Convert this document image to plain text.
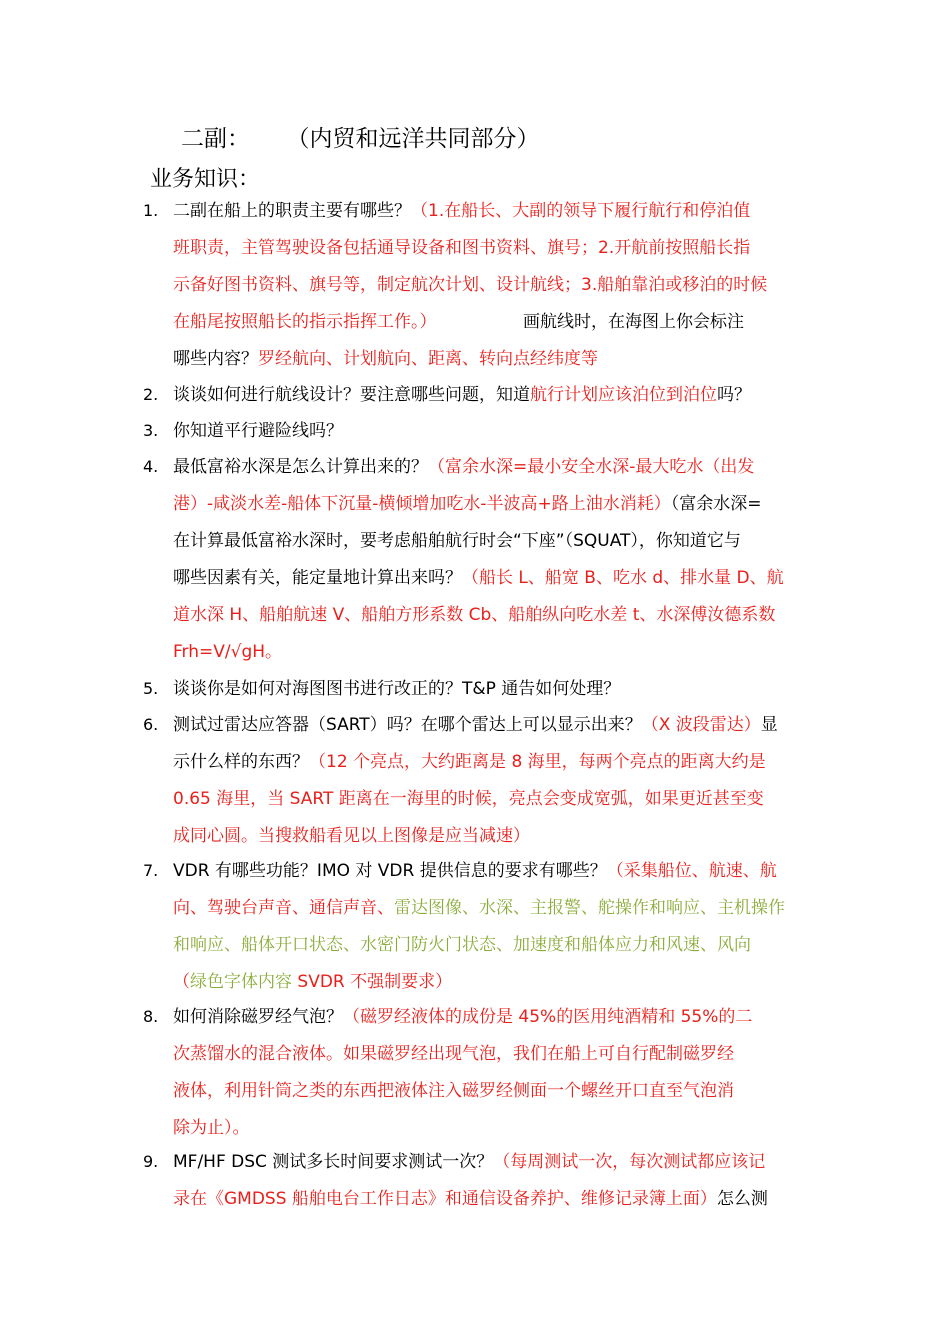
二副：     （内贸和远洋共同部分）
业务知识：
1. 二副在船上的职责主要有哪些？（1.在船长、大副的领导下履行航行和停泊值
班职责，主管驾驶设备包括通导设备和图书资料、旗号；2.开航前按照船长指
示备好图书资料、旗号等，制定航次计划、设计航线；3.船舶靠泊或移泊的时候
在船尾按照船长的指示指挥工作。）                画航线时，在海图上你会标注
哪些内容？罗经航向、计划航向、距离、转向点经纬度等
2. 谈谈如何进行航线设计？要注意哪些问题，知道航行计划应该泊位到泊位吗？
3. 你知道平行避险线吗？
4. 最低富裕水深是怎么计算出来的？（富余水深=最小安全水深-最大吃水（出发
港）-咸淡水差-船体下沉量-横倾增加吃水-半波高+路上油水消耗）（富余水深=
在计算最低富裕水深时，要考虑船舶航行时会“下座”（SQUAT），你知道它与
哪些因素有关，能定量地计算出来吗？（船长 L、船宽 B、吃水 d、排水量 D、航
道水深 H、船舶航速 V、船舶方形系数 Cb、船舶纵向吃水差 t、水深傅汝德系数
Frh=V/√gH。
5. 谈谈你是如何对海图图书进行改正的？T&P 通告如何处理？
6. 测试过雷达应答器（SART）吗？在哪个雷达上可以显示出来？（X 波段雷达）显
示什么样的东西？（12 个亮点，大约距离是 8 海里，每两个亮点的距离大约是
0.65 海里，当 SART 距离在一海里的时候，亮点会变成宽弧，如果更近甚至变
成同心圆。当搜救船看见以上图像是应当减速）
7. VDR 有哪些功能？IMO 对 VDR 提供信息的要求有哪些？（采集船位、航速、航
向、驾驶台声音、通信声音、雷达图像、水深、主报警、舵操作和响应、主机操作
和响应、船体开口状态、水密门防火门状态、加速度和船体应力和风速、风向
（绿色字体内容 SVDR 不强制要求）
8. 如何消除磁罗经气泡？（磁罗经液体的成份是 45%的医用纯酒精和 55%的二
次蒸馏水的混合液体。如果磁罗经出现气泡，我们在船上可自行配制磁罗经
液体，利用针筒之类的东西把液体注入磁罗经侧面一个螺丝开口直至气泡消
除为止）。
9. MF/HF DSC 测试多长时间要求测试一次？（每周测试一次，每次测试都应该记
录在《GMDSS 船舶电台工作日志》和通信设备养护、维修记录簿上面）怎么测
